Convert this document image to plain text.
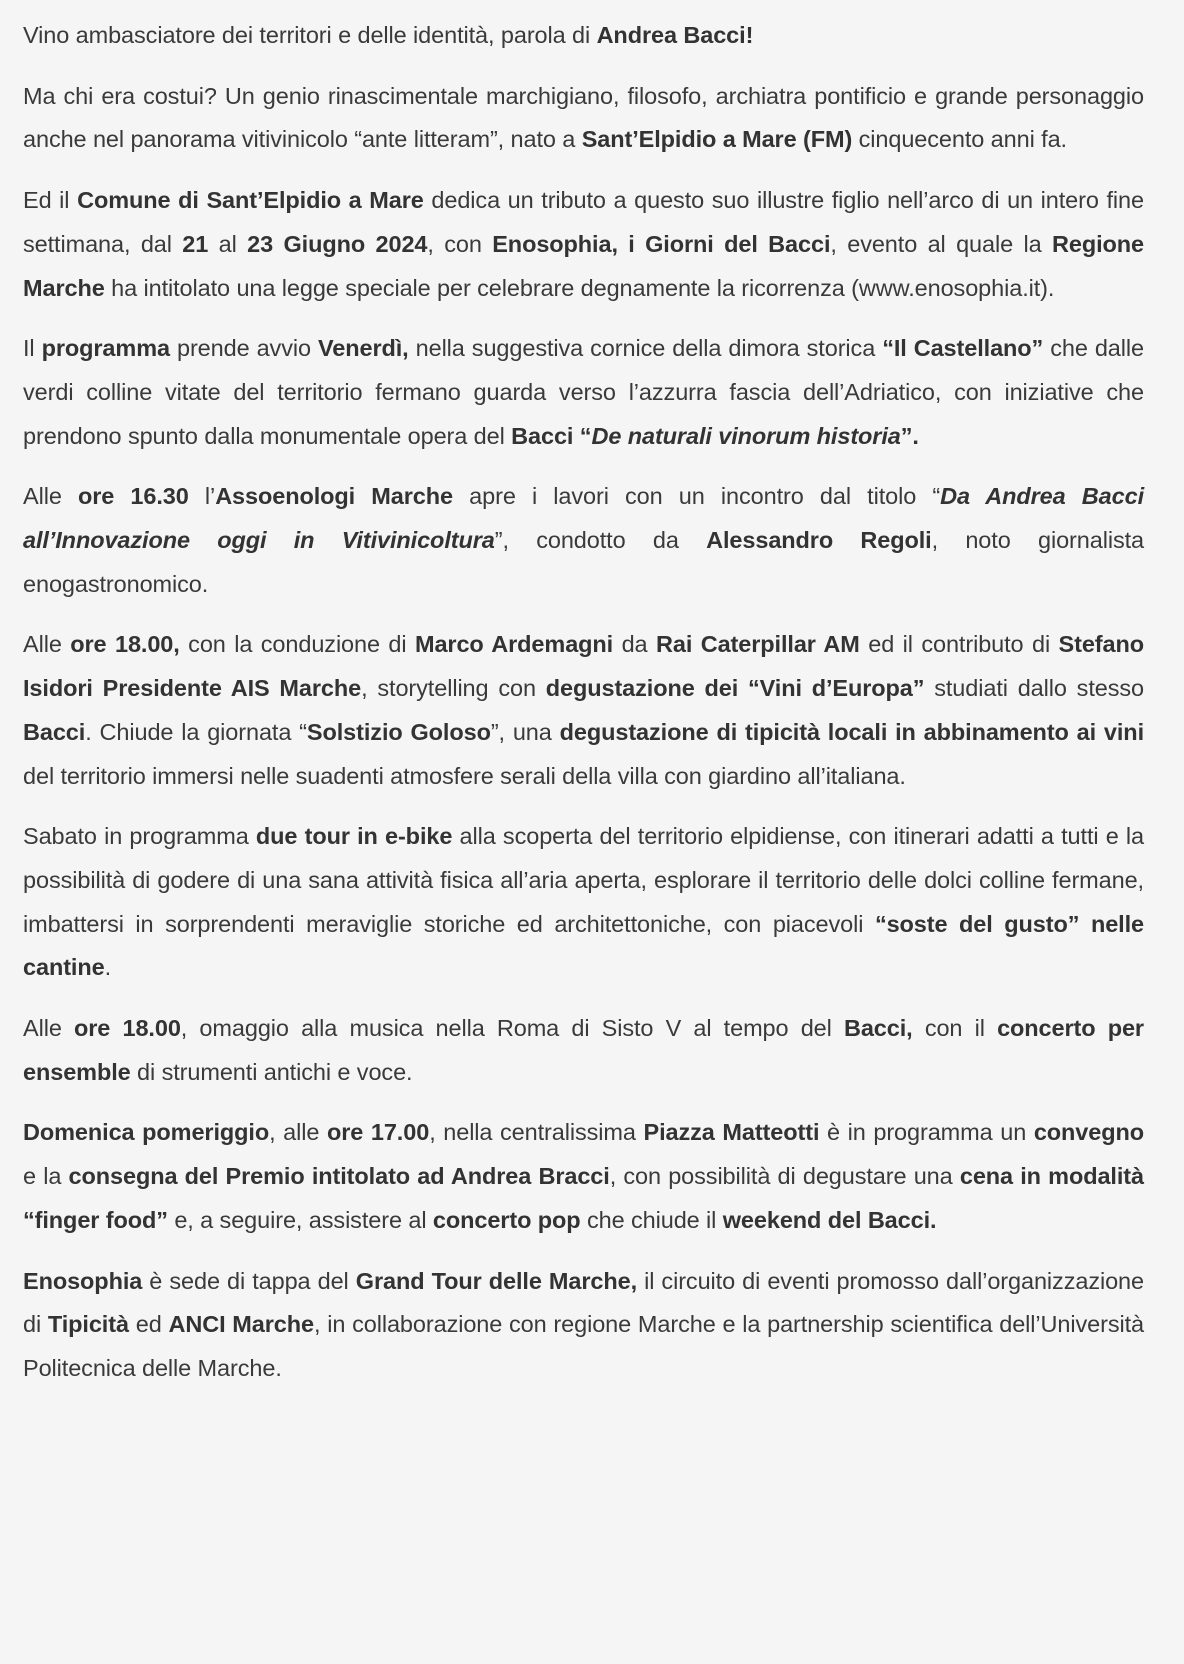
Vino ambasciatore dei territori e delle identità, parola di Andrea Bacci!

Ma chi era costui? Un genio rinascimentale marchigiano, filosofo, archiatra pontificio e grande personaggio anche nel panorama vitivinicolo “ante litteram”, nato a Sant’Elpidio a Mare (FM) cinquecento anni fa.

Ed il Comune di Sant’Elpidio a Mare dedica un tributo a questo suo illustre figlio nell’arco di un intero fine settimana, dal 21 al 23 Giugno 2024, con Enosophia, i Giorni del Bacci, evento al quale la Regione Marche ha intitolato una legge speciale per celebrare degnamente la ricorrenza (www.enosophia.it).

Il programma prende avvio Venerdì, nella suggestiva cornice della dimora storica “Il Castellano” che dalle verdi colline vitate del territorio fermano guarda verso l’azzurra fascia dell’Adriatico, con iniziative che prendono spunto dalla monumentale opera del Bacci “De naturali vinorum historia”.

Alle ore 16.30 l’Assoenologi Marche apre i lavori con un incontro dal titolo “Da Andrea Bacci all’Innovazione oggi in Vitivinicoltura”, condotto da Alessandro Regoli, noto giornalista enogastronomico.

Alle ore 18.00, con la conduzione di Marco Ardemagni da Rai Caterpillar AM ed il contributo di Stefano Isidori Presidente AIS Marche, storytelling con degustazione dei “Vini d’Europa” studiati dallo stesso Bacci. Chiude la giornata “Solstizio Goloso”, una degustazione di tipicità locali in abbinamento ai vini del territorio immersi nelle suadenti atmosfere serali della villa con giardino all’italiana.

Sabato in programma due tour in e-bike alla scoperta del territorio elpidiense, con itinerari adatti a tutti e la possibilità di godere di una sana attività fisica all’aria aperta, esplorare il territorio delle dolci colline fermane, imbattersi in sorprendenti meraviglie storiche ed architettoniche, con piacevoli “soste del gusto” nelle cantine.

Alle ore 18.00, omaggio alla musica nella Roma di Sisto V al tempo del Bacci, con il concerto per ensemble di strumenti antichi e voce.

Domenica pomeriggio, alle ore 17.00, nella centralissima Piazza Matteotti è in programma un convegno e la consegna del Premio intitolato ad Andrea Bracci, con possibilità di degustare una cena in modalità “finger food” e, a seguire, assistere al concerto pop che chiude il weekend del Bacci.

Enosophia è sede di tappa del Grand Tour delle Marche, il circuito di eventi promosso dall’organizzazione di Tipicità ed ANCI Marche, in collaborazione con regione Marche e la partnership scientifica dell’Università Politecnica delle Marche.
